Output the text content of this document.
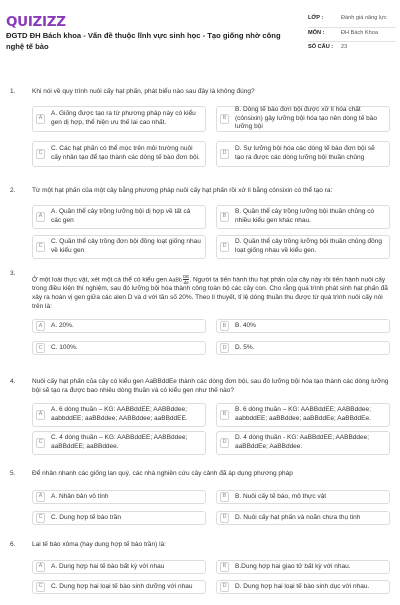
QUIZIZZ
ĐGTD ĐH Bách khoa - Vấn đề thuộc lĩnh vực sinh học - Tạo giống nhờ công nghệ tế bào
LỚP :	Đánh giá năng lực
MÔN :	ĐH Bách Khoa
SỐ CÂU :	23
1.	Khi nói về quy trình nuôi cấy hạt phấn, phát biểu nào sau đây là không đúng?
A
A. Giống được tạo ra từ phương pháp này có kiểu gen dị hợp, thể hiện ưu thế lai cao nhất.
B
B. Dòng tế bào đơn bội được xử lí hóa chất (cônsixin) gây lưỡng bội hóa tạo nên dòng tế bào lưỡng bội
C
C. Các hạt phấn có thể mọc trên môi trường nuôi cấy nhân tạo để tạo thành các dòng tế bào đơn bội.
D
D. Sự lưỡng bội hóa các dòng tế bào đơn bội sẽ tạo ra được các dòng lưỡng bội thuần chủng
2.	Từ một hạt phấn của một cây bằng phương pháp nuôi cấy hạt phấn rồi xử lí bằng cônsixin có thể tạo ra:
A
A. Quần thể cây trồng lưỡng bội dị hợp về tất cả các gen
B
B. Quần thể cây trồng lưỡng bội thuần chủng có nhiều kiểu gen khác nhau.
C
C. Quần thể cây trồng đơn bội đồng loạt giống nhau về kiểu gen
D
D. Quần thể cây trồng lưỡng bội thuần chủng đồng loạt giống nhau về kiểu gen.
3.
Ở một loài thực vật, xét một cá thể có kiểu gen AaBb $\frac{DE}{de}$ . Người ta tiến hành thu hạt phấn của cây này rồi tiến hành nuôi cấy trong điều kiện thí nghiệm, sau đó lưỡng bội hóa thành công toàn bộ các cây con. Cho rằng quá trình phát sinh hạt phấn đã xảy ra hoán vị gen giữa các alen D và d với tần số 20%. Theo lí thuyết, tỉ lệ dòng thuần thu được từ quá trình nuôi cấy nói trên là:
A	A. 20%.	B	B. 40%
C	C. 100%.	D	D. 5%.
4.	Nuôi cấy hạt phấn của cây có kiểu gen AaBBddEe thành các dòng đơn bội, sau đó lưỡng bội hóa tạo thành các dòng lưỡng bội sẽ tạo ra được bao nhiêu dòng thuần và có kiểu gen như thế nào?
A
A. 6 dòng thuần – KG: AABBddEE; AABBddee; aabbddEE; aaBBddee; AABBddee; aaBBddEE.
B
B. 6 dòng thuần – KG: AABBddEE; AABBddee; aabbddEE; aaBBddee; aaBBddEe; AaBBddEe.
C
C. 4 dòng thuần – KG: AABBddEE; AABBddee; aaBBddEE; aaBBddee.
D
D. 4 dòng thuần - KG: AaBBddEE; AABBddee; aaBBddEe; AaBBddee.
5.	Để nhân nhanh các giống lan quý, các nhà nghiên cứu cây cảnh đã áp dụng phương pháp
A	A. Nhân bản vô tính	B	B. Nuôi cấy tế bào, mô thực vật
C	C. Dung hợp tế bào trần	D	D. Nuôi cấy hạt phấn và noãn chưa thụ tinh
6.	Lai tế bào xôma (hay dung hợp tế bào trần) là:
A	A. Dung hợp hai tế bào bất kỳ với nhau	B	B.Dung hợp hai giao tử bất kỳ với nhau.
C	C. Dung hợp hai loại tế bào sinh dưỡng với nhau	D	D. Dung hợp hai loại tế bào sinh dục với nhau.
